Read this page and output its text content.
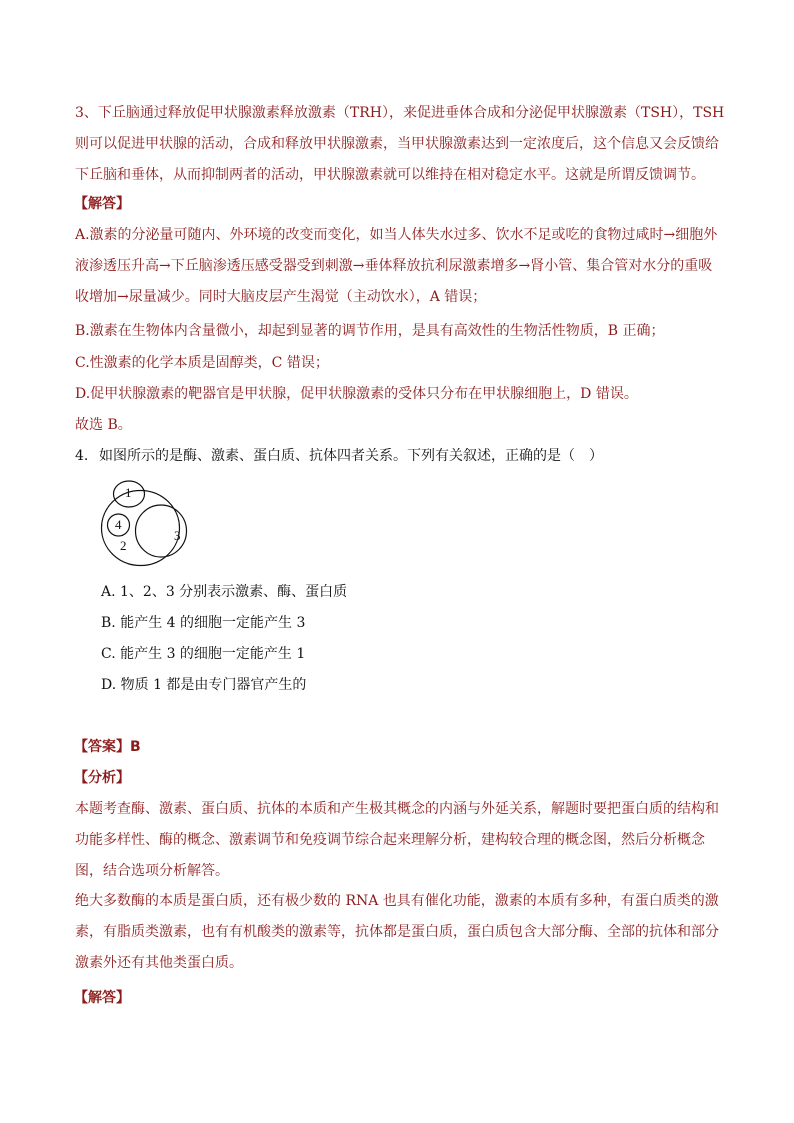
3、下丘脑通过释放促甲状腺激素释放激素（TRH），来促进垂体合成和分泌促甲状腺激素（TSH），TSH则可以促进甲状腺的活动，合成和释放甲状腺激素，当甲状腺激素达到一定浓度后，这个信息又会反馈给下丘脑和垂体，从而抑制两者的活动，甲状腺激素就可以维持在相对稳定水平。这就是所谓反馈调节。

【解答】

A.激素的分泌量可随内、外环境的改变而变化，如当人体失水过多、饮水不足或吃的食物过咸时→细胞外液渗透压升高→下丘脑渗透压感受器受到刺激→垂体释放抗利尿激素增多→肾小管、集合管对水分的重吸收增加→尿量减少。同时大脑皮层产生渴觉（主动饮水），A 错误；

B.激素在生物体内含量微小，却起到显著的调节作用，是具有高效性的生物活性物质，B 正确；
C.性激素的化学本质是固醇类，C 错误；
D.促甲状腺激素的靶器官是甲状腺，促甲状腺激素的受体只分布在甲状腺细胞上，D 错误。
故选 B。
4. 如图所示的是酶、激素、蛋白质、抗体四者关系。下列有关叙述，正确的是（　）
1
4
2
3
A. 1、2、3 分别表示激素、酶、蛋白质
B. 能产生 4 的细胞一定能产生 3
C. 能产生 3 的细胞一定能产生 1
D. 物质 1 都是由专门器官产生的
【答案】B
【分析】

本题考查酶、激素、蛋白质、抗体的本质和产生极其概念的内涵与外延关系，解题时要把蛋白质的结构和功能多样性、酶的概念、激素调节和免疫调节综合起来理解分析，建构较合理的概念图，然后分析概念图，结合选项分析解答。

绝大多数酶的本质是蛋白质，还有极少数的 RNA 也具有催化功能，激素的本质有多种，有蛋白质类的激素，有脂质类激素，也有有机酸类的激素等，抗体都是蛋白质，蛋白质包含大部分酶、全部的抗体和部分激素外还有其他类蛋白质。

【解答】
